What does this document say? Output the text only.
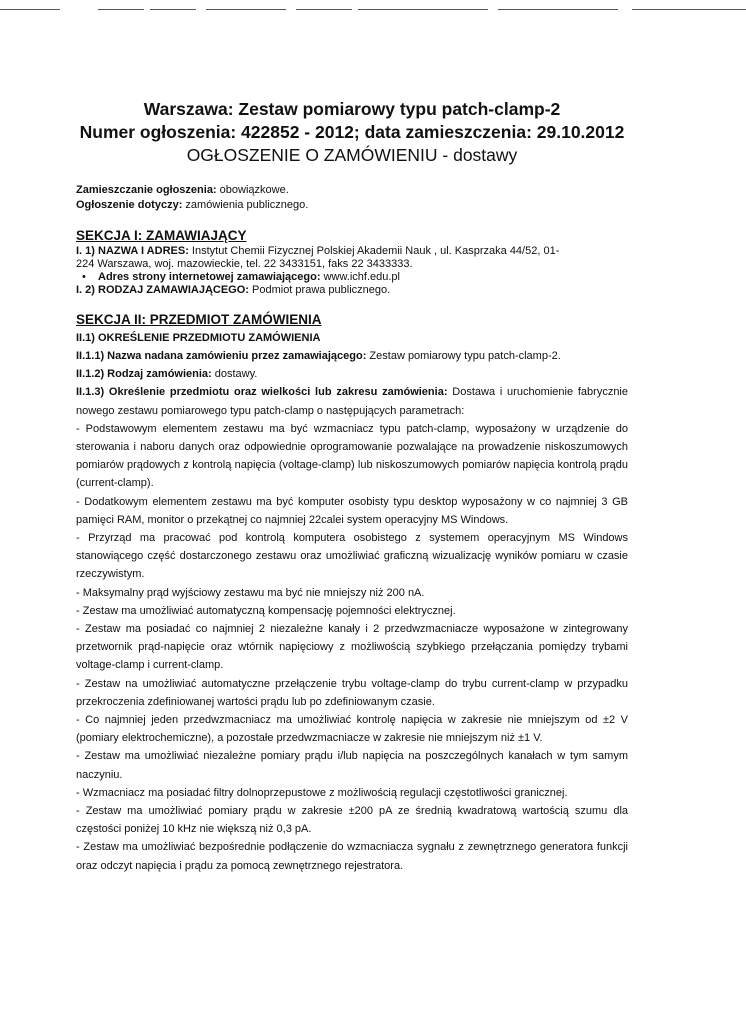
Warszawa: Zestaw pomiarowy typu patch-clamp-2

Numer ogłoszenia: 422852 - 2012; data zamieszczenia: 29.10.2012

OGŁOSZENIE O ZAMÓWIENIU - dostawy

Zamieszczanie ogłoszenia: obowiązkowe.

Ogłoszenie dotyczy: zamówienia publicznego.

SEKCJA I: ZAMAWIAJĄCY

I. 1) NAZWA I ADRES: Instytut Chemii Fizycznej Polskiej Akademii Nauk , ul. Kasprzaka 44/52, 01-

224 Warszawa, woj. mazowieckie, tel. 22 3433151, faks 22 3433333.

• Adres strony internetowej zamawiającego: www.ichf.edu.pl

I. 2) RODZAJ ZAMAWIAJĄCEGO: Podmiot prawa publicznego.

SEKCJA II: PRZEDMIOT ZAMÓWIENIA

II.1) OKREŚLENIE PRZEDMIOTU ZAMÓWIENIA

II.1.1) Nazwa nadana zamówieniu przez zamawiającego: Zestaw pomiarowy typu patch-clamp-2.

II.1.2) Rodzaj zamówienia: dostawy.

II.1.3) Określenie przedmiotu oraz wielkości lub zakresu zamówienia: Dostawa i uruchomienie fabrycznie nowego zestawu pomiarowego typu patch-clamp o następujących parametrach:

- Podstawowym elementem zestawu ma być wzmacniacz typu patch-clamp, wyposażony w urządzenie do sterowania i naboru danych oraz odpowiednie oprogramowanie pozwalające na prowadzenie niskoszumowych pomiarów prądowych z kontrolą napięcia (voltage-clamp) lub niskoszumowych pomiarów napięcia kontrolą prądu (current-clamp).

- Dodatkowym elementem zestawu ma być komputer osobisty typu desktop wyposażony w co najmniej 3 GB pamięci RAM, monitor o przekątnej co najmniej 22calei system operacyjny MS Windows.

- Przyrząd ma pracować pod kontrolą komputera osobistego z systemem operacyjnym MS Windows stanowiącego część dostarczonego zestawu oraz umożliwiać graficzną wizualizację wyników pomiaru w czasie rzeczywistym.

- Maksymalny prąd wyjściowy zestawu ma być nie mniejszy niż 200 nA.

- Zestaw ma umożliwiać automatyczną kompensację pojemności elektrycznej.

- Zestaw ma posiadać co najmniej 2 niezależne kanały i 2 przedwzmacniacze wyposażone w zintegrowany przetwornik prąd-napięcie oraz wtórnik napięciowy z możliwością szybkiego przełączania pomiędzy trybami voltage-clamp i current-clamp.

- Zestaw na umożliwiać automatyczne przełączenie trybu voltage-clamp do trybu current-clamp w przypadku przekroczenia zdefiniowanej wartości prądu lub po zdefiniowanym czasie.

- Co najmniej jeden przedwzmacniacz ma umożliwiać kontrolę napięcia w zakresie nie mniejszym od ±2 V (pomiary elektrochemiczne), a pozostałe przedwzmacniacze w zakresie nie mniejszym niż ±1 V.

- Zestaw ma umożliwiać niezależne pomiary prądu i/lub napięcia na poszczególnych kanałach w tym samym naczyniu.

- Wzmacniacz ma posiadać filtry dolnoprzepustowe z możliwością regulacji częstotliwości granicznej.

- Zestaw ma umożliwiać pomiary prądu w zakresie ±200 pA ze średnią kwadratową wartością szumu dla częstości poniżej 10 kHz nie większą niż 0,3 pA.

- Zestaw ma umożliwiać bezpośrednie podłączenie do wzmacniacza sygnału z zewnętrznego generatora funkcji oraz odczyt napięcia i prądu za pomocą zewnętrznego rejestratora.
